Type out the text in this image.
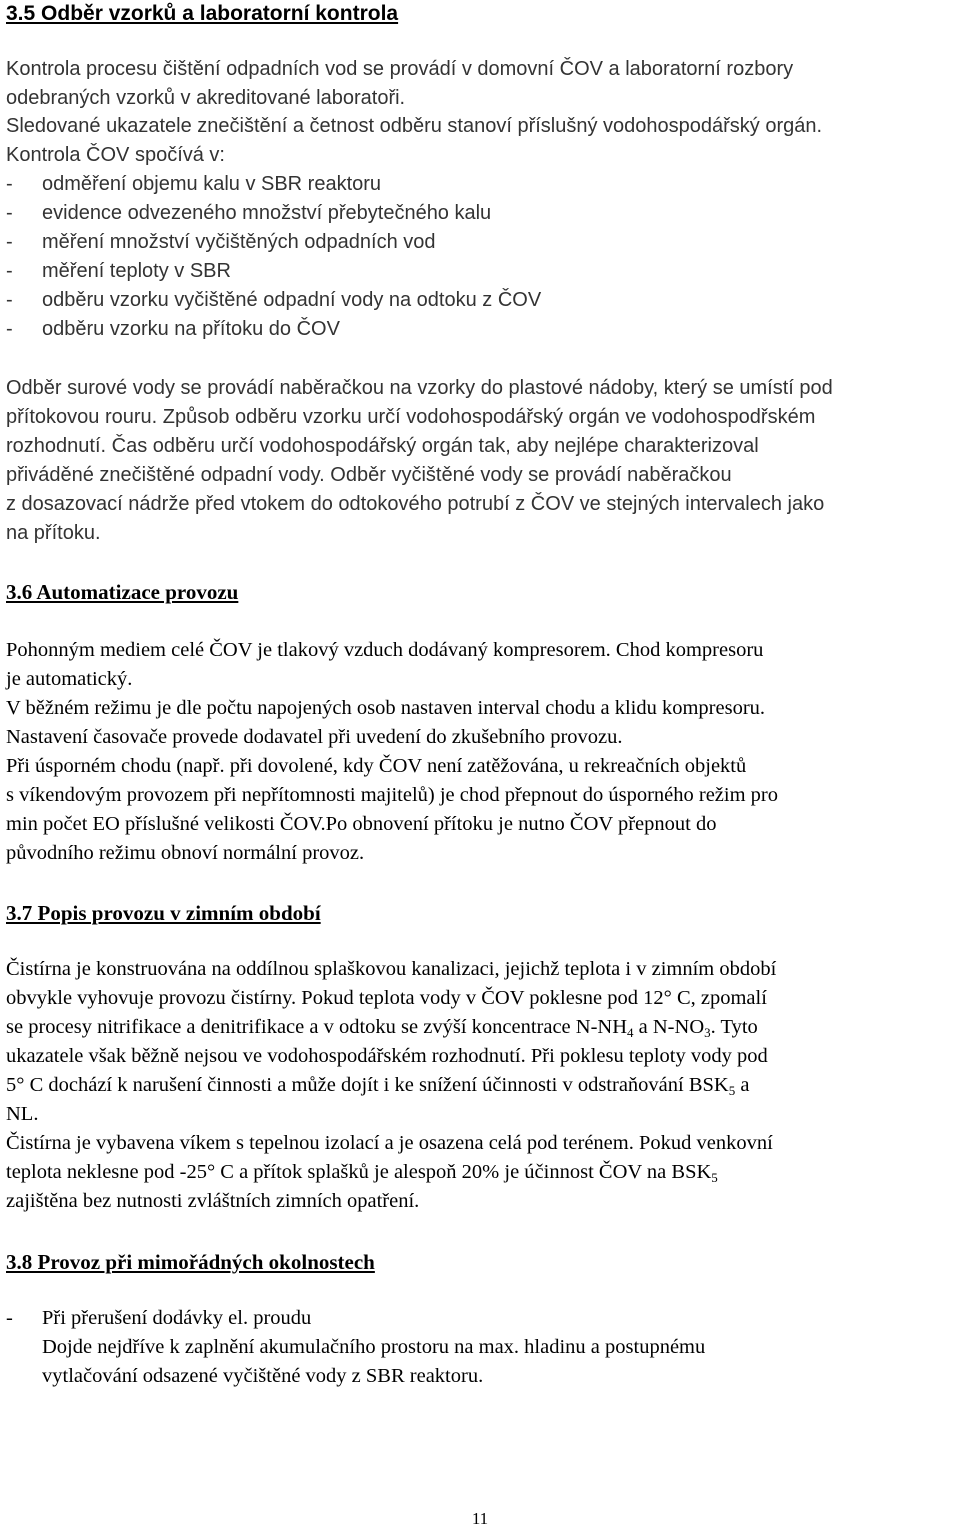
3.5 Odběr vzorků a laboratorní kontrola
Kontrola procesu čištění odpadních vod se provádí v domovní ČOV a laboratorní rozbory
odebraných vzorků v akreditované laboratoři.
Sledované ukazatele znečištění a četnost odběru stanoví příslušný vodohospodářský orgán.
Kontrola ČOV spočívá v:
- odměření objemu kalu v SBR reaktoru
- evidence odvezeného množství přebytečného kalu
- měření množství vyčištěných odpadních vod
- měření teploty v SBR
- odběru vzorku vyčištěné odpadní vody na odtoku z ČOV
- odběru vzorku na přítoku do ČOV
Odběr surové vody se provádí naběračkou na vzorky do plastové nádoby, který se umístí pod
přítokovou rouru. Způsob odběru vzorku určí vodohospodářský orgán ve vodohospodřském
rozhodnutí. Čas odběru určí vodohospodářský orgán tak, aby nejlépe charakterizoval
přiváděné znečištěné odpadní vody. Odběr vyčištěné vody se provádí naběračkou
z dosazovací nádrže před vtokem do odtokového potrubí z ČOV ve stejných intervalech jako
na přítoku.
3.6 Automatizace provozu
Pohonným mediem celé ČOV je tlakový vzduch dodávaný kompresorem. Chod kompresoru
je automatický.
V běžném režimu je dle počtu napojených osob nastaven interval chodu a klidu kompresoru.
Nastavení časovače provede dodavatel při uvedení do zkušebního provozu.
Při úsporném chodu (např. při dovolené, kdy ČOV není zatěžována, u rekreačních objektů
s víkendovým provozem při nepřítomnosti majitelů) je chod přepnout do úsporného režim pro
min počet EO příslušné velikosti ČOV.Po obnovení přítoku je nutno ČOV přepnout do
původního režimu obnoví normální provoz.
3.7 Popis provozu v zimním období
Čistírna je konstruována na oddílnou splaškovou kanalizaci, jejichž teplota i v zimním období
obvykle vyhovuje provozu čistírny. Pokud teplota vody v ČOV poklesne pod 12° C, zpomalí
se procesy nitrifikace a denitrifikace a v odtoku se zvýší koncentrace $N-NH_4$ a $N-NO_3$. Tyto
ukazatele však běžně nejsou ve vodohospodářském rozhodnutí. Při poklesu teploty vody pod
5° C dochází k narušení činnosti a může dojít i ke snížení účinnosti v odstraňování $BSK_5$ a
NL.
Čistírna je vybavena víkem s tepelnou izolací a je osazena celá pod terénem. Pokud venkovní
teplota neklesne pod -25° C a přítok splašků je alespoň 20% je účinnost ČOV na $BSK_5$
zajištěna bez nutnosti zvláštních zimních opatření.
3.8 Provoz při mimořádných okolnostech
- Při přerušení dodávky el. proudu
Dojde nejdříve k zaplnění akumulačního prostoru na max. hladinu a postupnému
vytlačování odsazené vyčištěné vody z SBR reaktoru.
11
